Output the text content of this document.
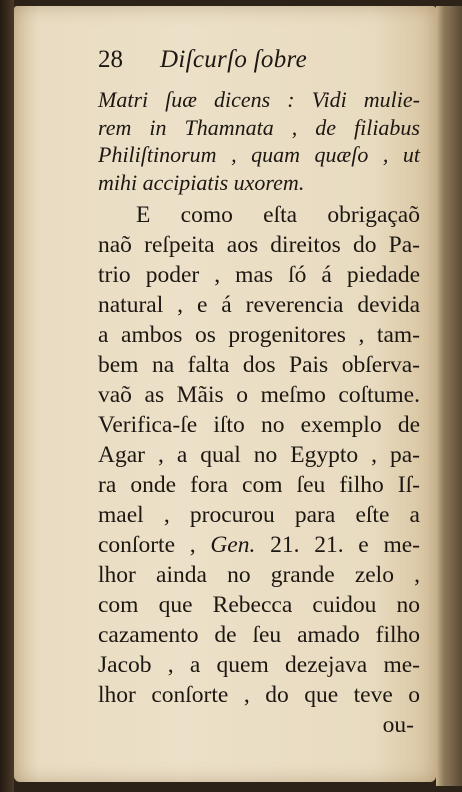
28	Diſcurſo ſobre
Matri ſuæ dicens : Vidi mulie-
rem in Thamnata , de filiabus
Philiſtinorum , quam quæſo , ut
mihi accipiatis uxorem.
E como eſta obrigaçaõ
naõ reſpeita aos direitos do Pa-
trio poder , mas ſó á piedade
natural , e á reverencia devida
a ambos os progenitores , tam-
bem na falta dos Pais obſerva-
vaõ as Mãis o meſmo coſtume.
Verifica-ſe iſto no exemplo de
Agar , a qual no Egypto , pa-
ra onde fora com ſeu filho Iſ-
mael , procurou para eſte a
conſorte , Gen. 21. 21. e me-
lhor ainda no grande zelo ,
com que Rebecca cuidou no
cazamento de ſeu amado filho
Jacob , a quem dezejava me-
lhor conſorte , do que teve o
ou-
